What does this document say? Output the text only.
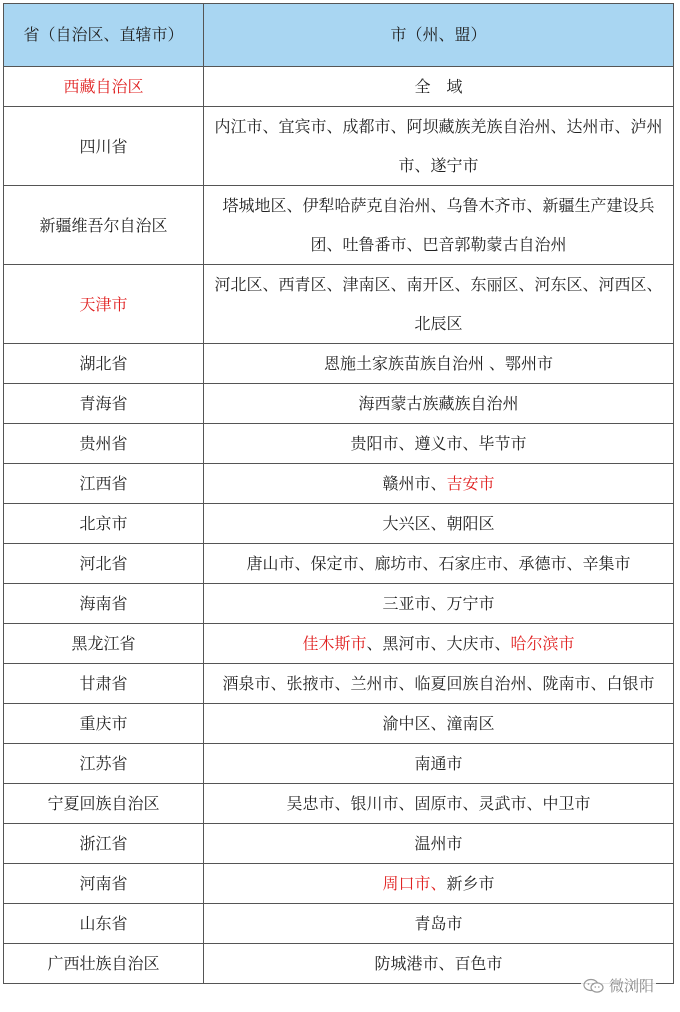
省（自治区、直辖市）	市（州、盟）
西藏自治区	全　域
四川省	内江市、宜宾市、成都市、阿坝藏族羌族自治州、达州市、泸州市、遂宁市
新疆维吾尔自治区	塔城地区、伊犁哈萨克自治州、乌鲁木齐市、新疆生产建设兵团、吐鲁番市、巴音郭勒蒙古自治州
天津市	河北区、西青区、津南区、南开区、东丽区、河东区、河西区、北辰区
湖北省	恩施土家族苗族自治州 、鄂州市
青海省	海西蒙古族藏族自治州
贵州省	贵阳市、遵义市、毕节市
江西省	赣州市、吉安市
北京市	大兴区、朝阳区
河北省	唐山市、保定市、廊坊市、石家庄市、承德市、辛集市
海南省	三亚市、万宁市
黑龙江省	佳木斯市、黑河市、大庆市、哈尔滨市
甘肃省	酒泉市、张掖市、兰州市、临夏回族自治州、陇南市、白银市
重庆市	渝中区、潼南区
江苏省	南通市
宁夏回族自治区	吴忠市、银川市、固原市、灵武市、中卫市
浙江省	温州市
河南省	周口市、新乡市
山东省	青岛市
广西壮族自治区	防城港市、百色市
微浏阳
